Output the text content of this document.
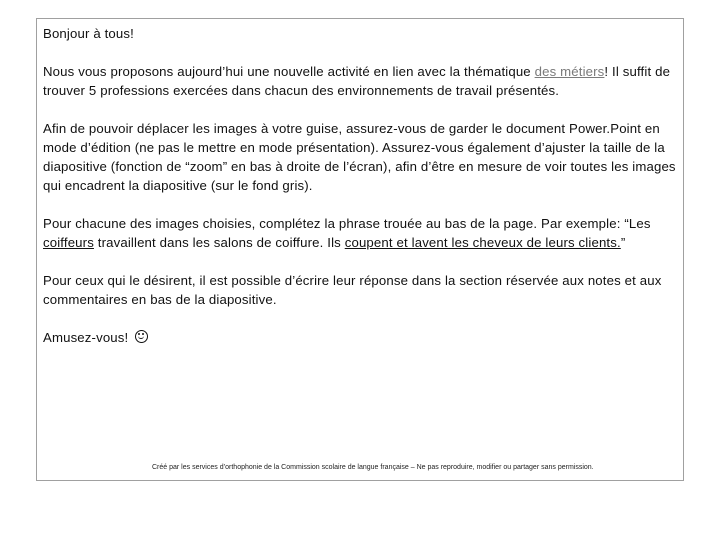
Bonjour à tous!

Nous vous proposons aujourd’hui une nouvelle activité en lien avec la thématique des métiers! Il suffit de trouver 5 professions exercées dans chacun des environnements de travail présentés.

Afin de pouvoir déplacer les images à votre guise, assurez-vous de garder le document Power.Point en mode d’édition (ne pas le mettre en mode présentation). Assurez-vous également d’ajuster la taille de la diapositive (fonction de “zoom” en bas à droite de l’écran), afin d’être en mesure de voir toutes les images qui encadrent la diapositive (sur le fond gris).

Pour chacune des images choisies, complétez la phrase trouée au bas de la page. Par exemple: “Les coiffeurs travaillent dans les salons de coiffure. Ils coupent et lavent les cheveux de leurs clients.”

Pour ceux qui le désirent, il est possible d’écrire leur réponse dans la section réservée aux notes et aux commentaires en bas de la diapositive.

Amusez-vous!

Créé par les services d’orthophonie de la Commission scolaire de langue française – Ne pas reproduire, modifier ou partager sans permission.
